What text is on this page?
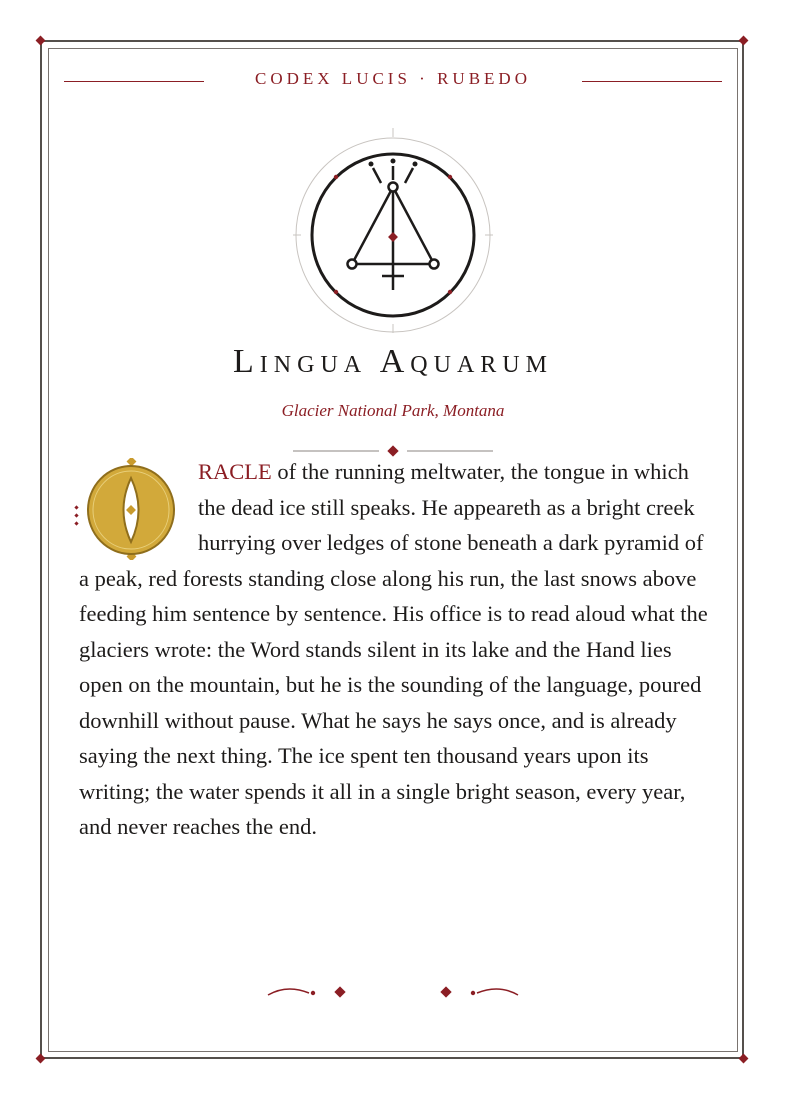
CODEX LUCIS · RUBEDO
Lingua Aquarum
Glacier National Park, Montana
O

RACLE of the running meltwater, the tongue in which the dead ice still speaks. He appeareth as a bright creek hurrying over ledges of stone beneath a dark pyramid of a peak, red forests standing close along his run, the last snows above feeding him sentence by sentence. His office is to read aloud what the glaciers wrote: the Word stands silent in its lake and the Hand lies open on the mountain, but he is the sounding of the language, poured downhill without pause. What he says he says once, and is already saying the next thing. The ice spent ten thousand years upon its writing; the water spends it all in a single bright season, every year, and never reaches the end.
